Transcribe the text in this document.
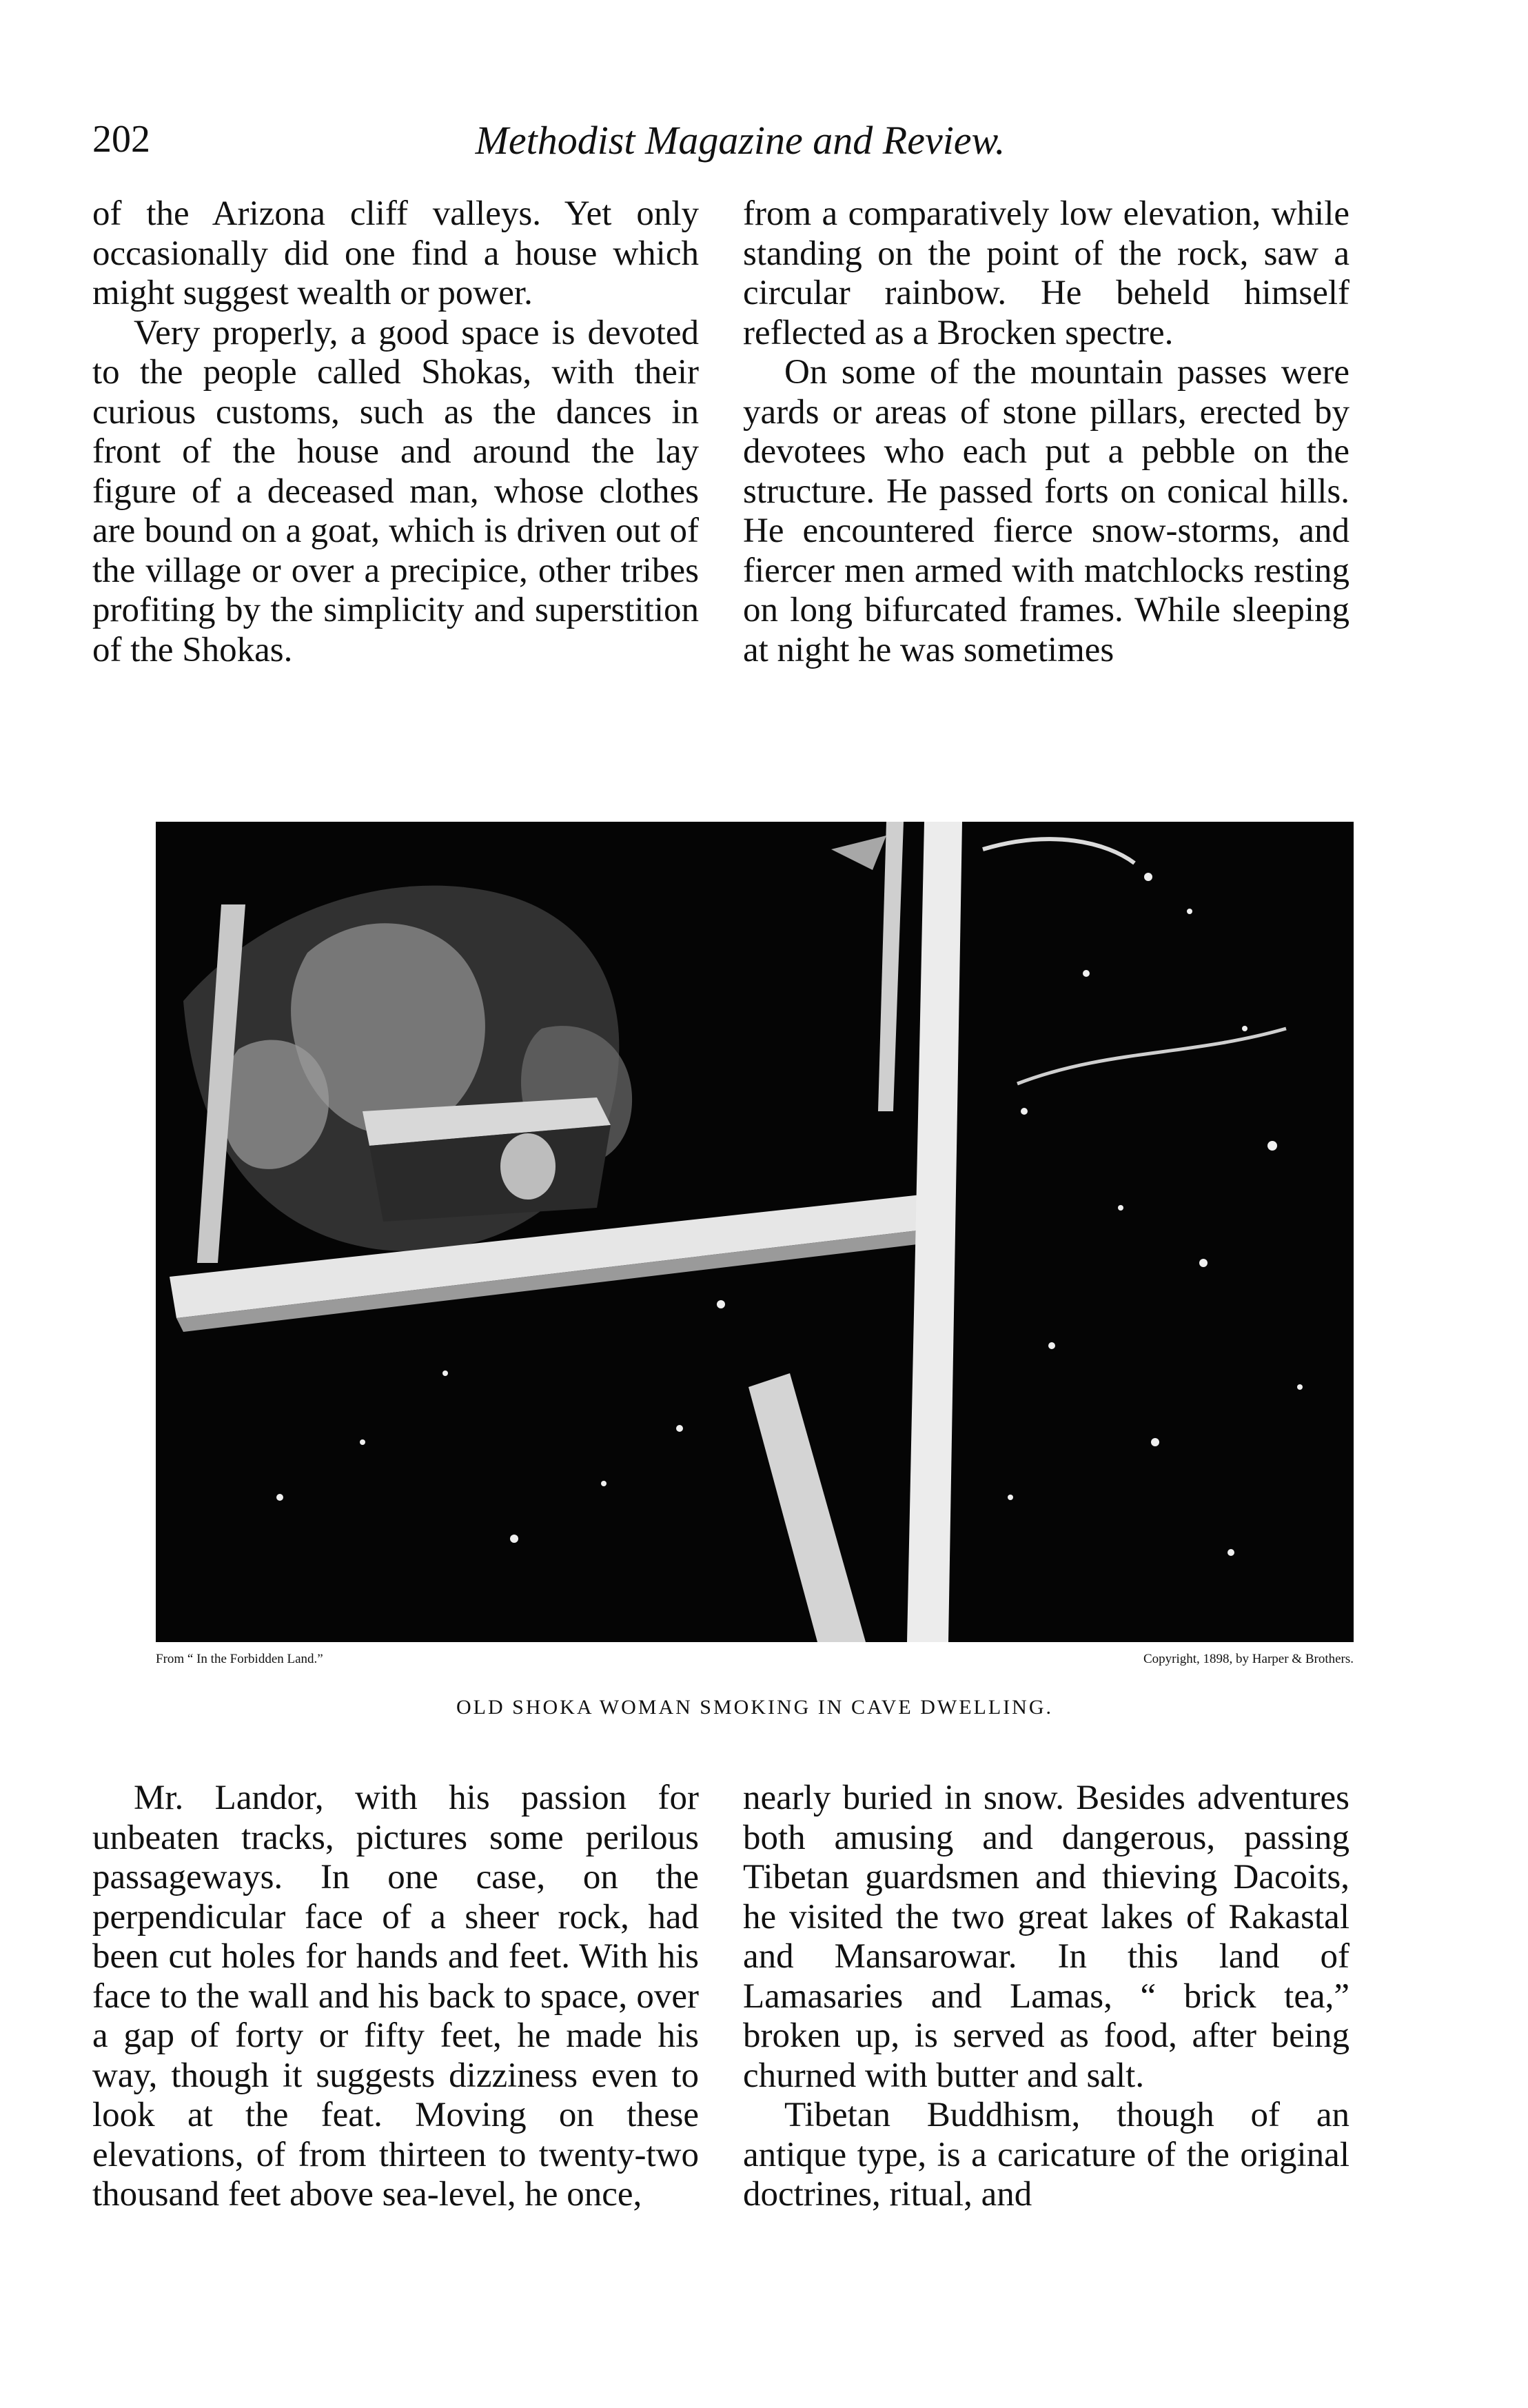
202	Methodist Magazine and Review.

of the Arizona cliff valleys. Yet only occasionally did one find a house which might suggest wealth or power.

Very properly, a good space is devoted to the people called Shokas, with their curious customs, such as the dances in front of the house and around the lay figure of a deceased man, whose clothes are bound on a goat, which is driven out of the village or over a precipice, other tribes profiting by the simplicity and superstition of the Shokas.

from a comparatively low elevation, while standing on the point of the rock, saw a circular rainbow. He beheld himself reflected as a Brocken spectre.

On some of the mountain passes were yards or areas of stone pillars, erected by devotees who each put a pebble on the structure. He passed forts on conical hills. He encountered fierce snow-storms, and fiercer men armed with matchlocks resting on long bifurcated frames. While sleeping at night he was sometimes

From “ In the Forbidden Land.”	Copyright, 1898, by Harper & Brothers.
OLD SHOKA WOMAN SMOKING IN CAVE DWELLING.

Mr. Landor, with his passion for unbeaten tracks, pictures some perilous passageways. In one case, on the perpendicular face of a sheer rock, had been cut holes for hands and feet. With his face to the wall and his back to space, over a gap of forty or fifty feet, he made his way, though it suggests dizziness even to look at the feat. Moving on these elevations, of from thirteen to twenty-two thousand feet above sea-level, he once,

nearly buried in snow. Besides adventures both amusing and dangerous, passing Tibetan guardsmen and thieving Dacoits, he visited the two great lakes of Rakastal and Mansarowar. In this land of Lamasaries and Lamas, “ brick tea,” broken up, is served as food, after being churned with butter and salt.

Tibetan Buddhism, though of an antique type, is a caricature of the original doctrines, ritual, and
